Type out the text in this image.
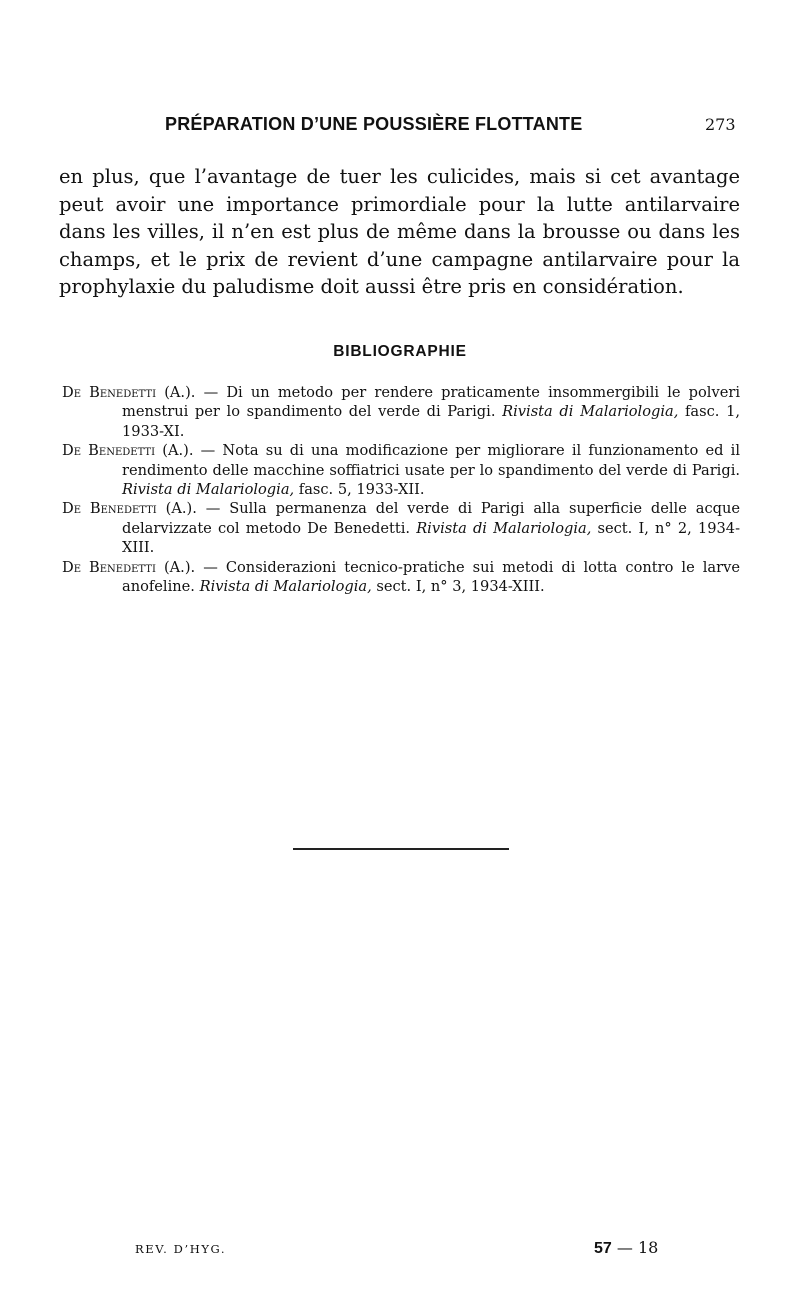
PRÉPARATION D’UNE POUSSIÈRE FLOTTANTE	273

en plus, que l’avantage de tuer les culicides, mais si cet avantage peut avoir une importance primordiale pour la lutte antilarvaire dans les villes, il n’en est plus de même dans la brousse ou dans les champs, et le prix de revient d’une campagne antilarvaire pour la prophylaxie du paludisme doit aussi être pris en considération.

BIBLIOGRAPHIE

De Benedetti (A.). — Di un metodo per rendere praticamente insommergibili le polveri menstrui per lo spandimento del verde di Parigi. Rivista di Malariologia, fasc. 1, 1933-XI.

De Benedetti (A.). — Nota su di una modificazione per migliorare il funzionamento ed il rendimento delle macchine soffiatrici usate per lo spandimento del verde di Parigi. Rivista di Malariologia, fasc. 5, 1933-XII.

De Benedetti (A.). — Sulla permanenza del verde di Parigi alla superficie delle acque delarvizzate col metodo De Benedetti. Rivista di Malariologia, sect. I, n° 2, 1934-XIII.

De Benedetti (A.). — Considerazioni tecnico-pratiche sui metodi di lotta contro le larve anofeline. Rivista di Malariologia, sect. I, n° 3, 1934-XIII.

REV. D’HYG.	57 — 18
